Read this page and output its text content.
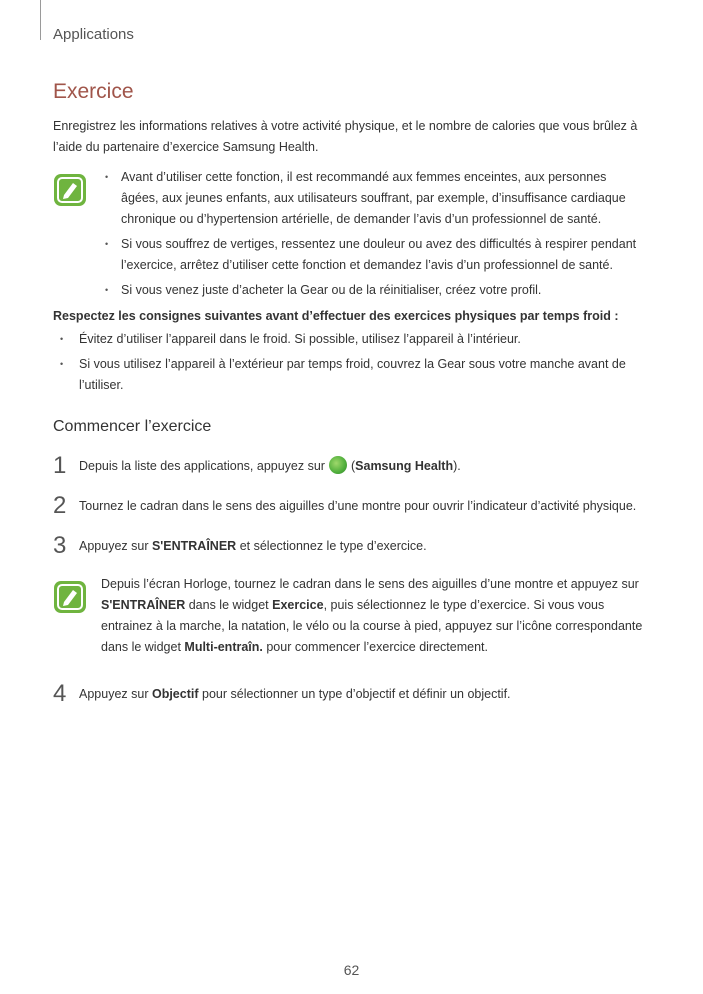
Applications
Exercice

Enregistrez les informations relatives à votre activité physique, et le nombre de calories que vous brûlez à l’aide du partenaire d’exercice Samsung Health.

• Avant d’utiliser cette fonction, il est recommandé aux femmes enceintes, aux personnes âgées, aux jeunes enfants, aux utilisateurs souffrant, par exemple, d’insuffisance cardiaque chronique ou d’hypertension artérielle, de demander l’avis d’un professionnel de santé.
• Si vous souffrez de vertiges, ressentez une douleur ou avez des difficultés à respirer pendant l’exercice, arrêtez d’utiliser cette fonction et demandez l’avis d’un professionnel de santé.
• Si vous venez juste d’acheter la Gear ou de la réinitialiser, créez votre profil.
Respectez les consignes suivantes avant d’effectuer des exercices physiques par temps froid :
• Évitez d’utiliser l’appareil dans le froid. Si possible, utilisez l’appareil à l’intérieur.
• Si vous utilisez l’appareil à l’extérieur par temps froid, couvrez la Gear sous votre manche avant de l’utiliser.
Commencer l’exercice
1	Depuis la liste des applications, appuyez sur (Samsung Health).
2	Tournez le cadran dans le sens des aiguilles d’une montre pour ouvrir l’indicateur d’activité physique.
3	Appuyez sur S'ENTRAÎNER et sélectionnez le type d’exercice.
Depuis l’écran Horloge, tournez le cadran dans le sens des aiguilles d’une montre et appuyez sur S'ENTRAÎNER dans le widget Exercice, puis sélectionnez le type d’exercice. Si vous vous entrainez à la marche, la natation, le vélo ou la course à pied, appuyez sur l’icône correspondante dans le widget Multi-entraîn. pour commencer l’exercice directement.
4	Appuyez sur Objectif pour sélectionner un type d’objectif et définir un objectif.
62
